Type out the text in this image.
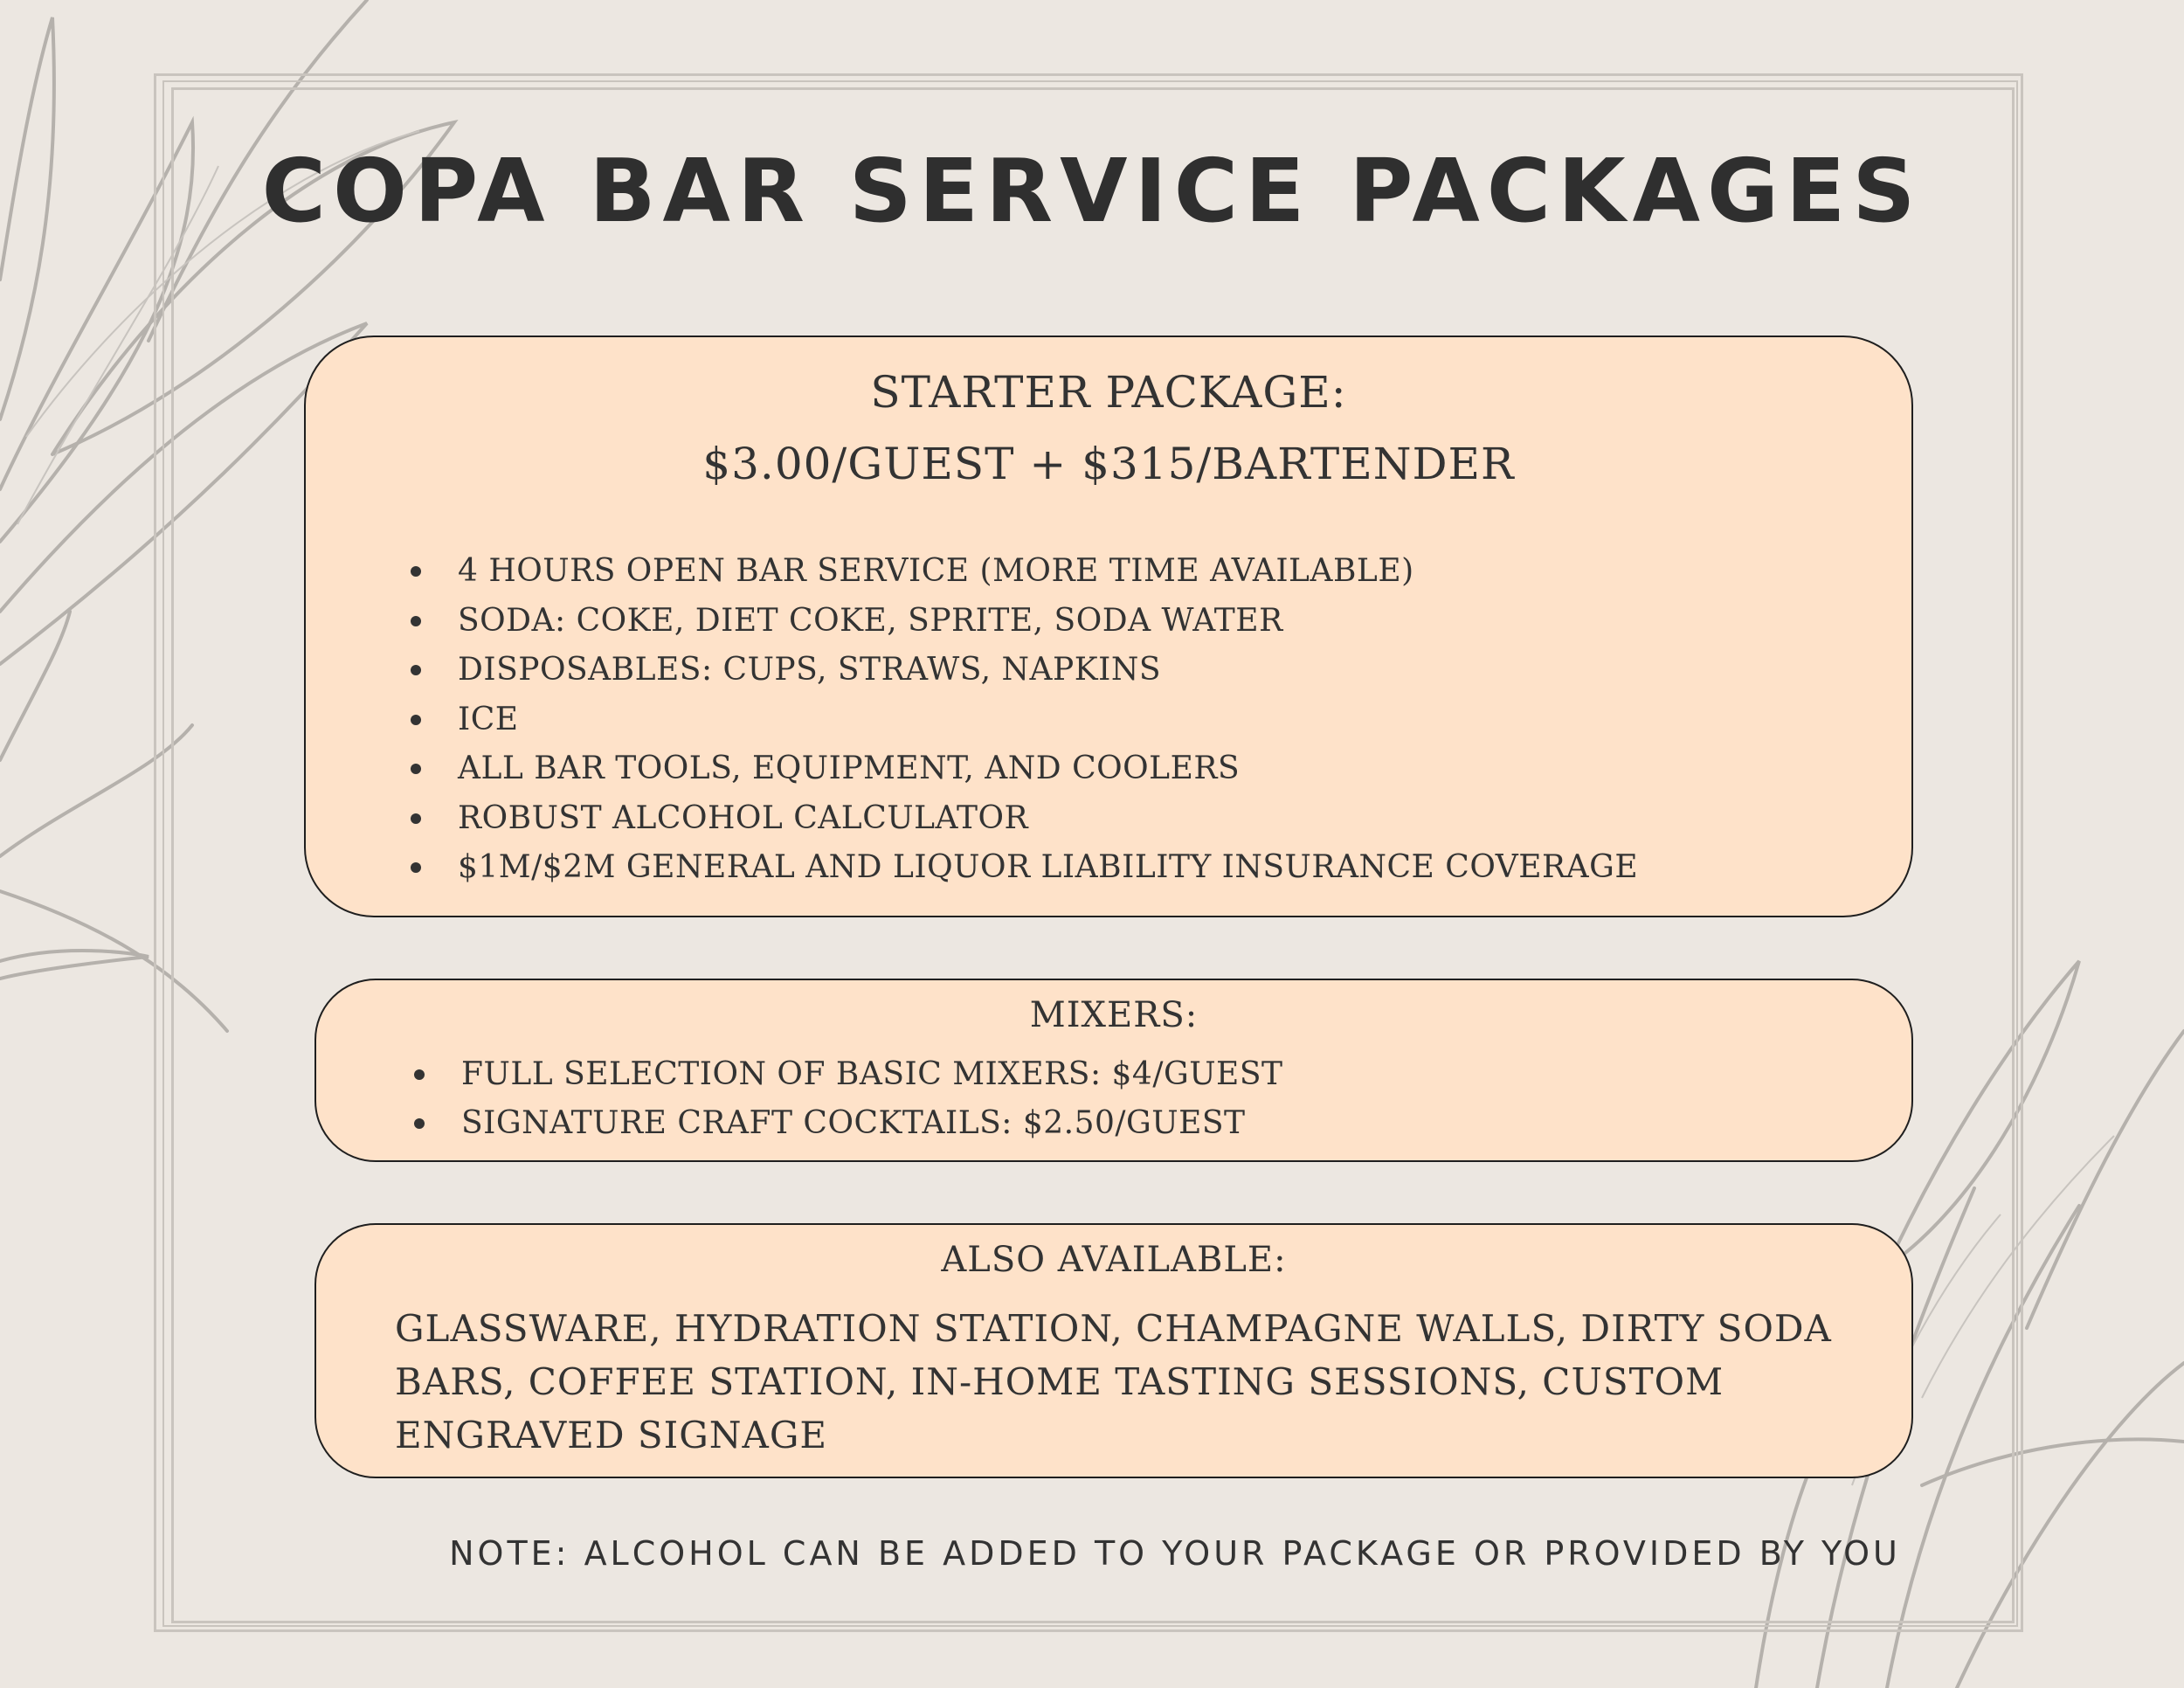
COPA BAR SERVICE PACKAGES
STARTER PACKAGE:
$3.00/GUEST + $315/BARTENDER
4 HOURS OPEN BAR SERVICE (MORE TIME AVAILABLE)
SODA: COKE, DIET COKE, SPRITE, SODA WATER
DISPOSABLES: CUPS, STRAWS, NAPKINS
ICE
ALL BAR TOOLS, EQUIPMENT, AND COOLERS
ROBUST ALCOHOL CALCULATOR
$1M/$2M GENERAL AND LIQUOR LIABILITY INSURANCE COVERAGE
MIXERS:
FULL SELECTION OF BASIC MIXERS: $4/GUEST
SIGNATURE CRAFT COCKTAILS: $2.50/GUEST
ALSO AVAILABLE:
GLASSWARE, HYDRATION STATION, CHAMPAGNE WALLS, DIRTY SODA BARS, COFFEE STATION, IN-HOME TASTING SESSIONS, CUSTOM ENGRAVED SIGNAGE
NOTE: ALCOHOL CAN BE ADDED TO YOUR PACKAGE OR PROVIDED BY YOU
